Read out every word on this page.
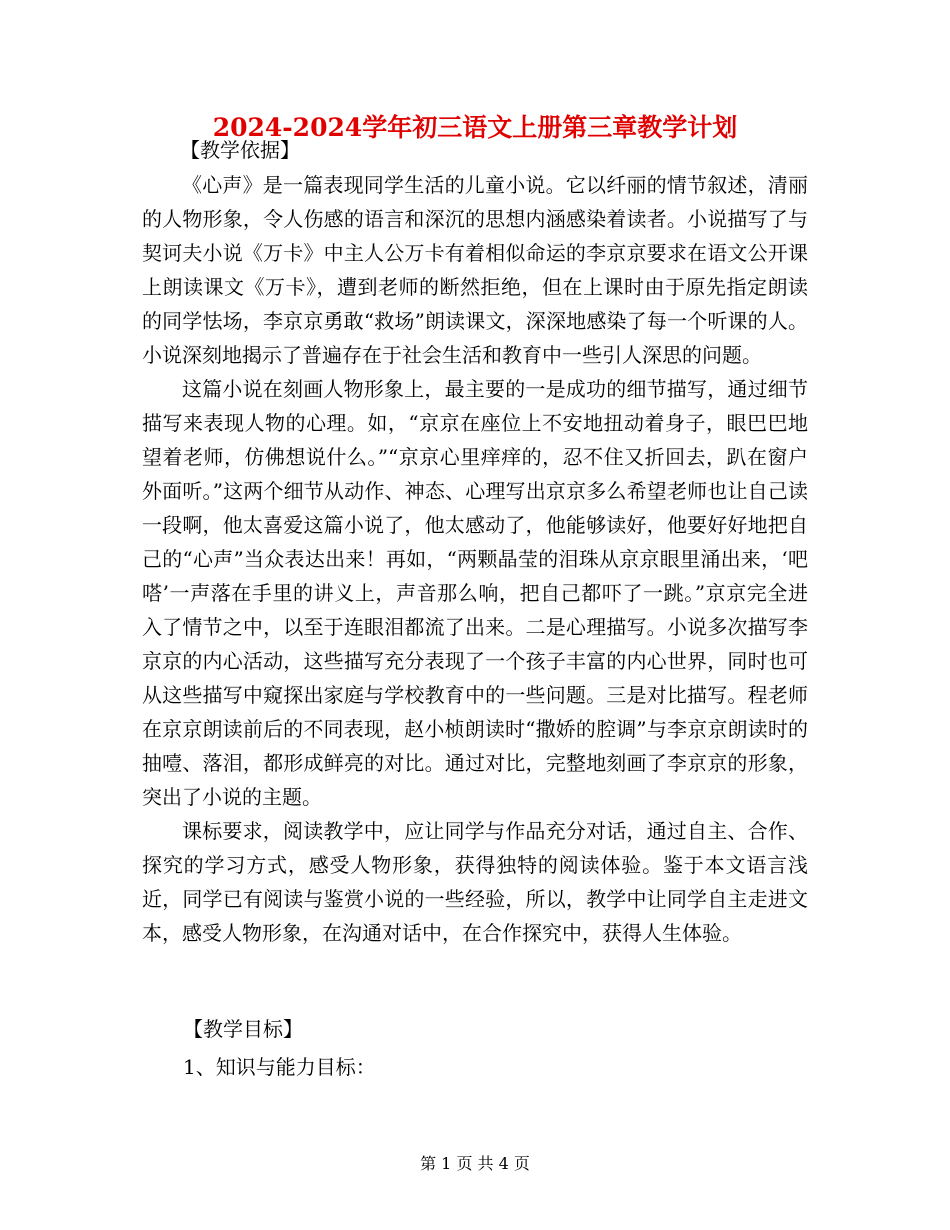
2024-2024学年初三语文上册第三章教学计划
【教学依据】

《心声》是一篇表现同学生活的儿童小说。它以纤丽的情节叙述，清丽的人物形象，令人伤感的语言和深沉的思想内涵感染着读者。小说描写了与契诃夫小说《万卡》中主人公万卡有着相似命运的李京京要求在语文公开课上朗读课文《万卡》，遭到老师的断然拒绝，但在上课时由于原先指定朗读的同学怯场，李京京勇敢“救场”朗读课文，深深地感染了每一个听课的人。小说深刻地揭示了普遍存在于社会生活和教育中一些引人深思的问题。

这篇小说在刻画人物形象上，最主要的一是成功的细节描写，通过细节描写来表现人物的心理。如，“京京在座位上不安地扭动着身子，眼巴巴地望着老师，仿佛想说什么。”“京京心里痒痒的，忍不住又折回去，趴在窗户外面听。”这两个细节从动作、神态、心理写出京京多么希望老师也让自己读一段啊，他太喜爱这篇小说了，他太感动了，他能够读好，他要好好地把自己的“心声”当众表达出来！再如，“两颗晶莹的泪珠从京京眼里涌出来，‘吧嗒’一声落在手里的讲义上，声音那么响，把自己都吓了一跳。”京京完全进入了情节之中，以至于连眼泪都流了出来。二是心理描写。小说多次描写李京京的内心活动，这些描写充分表现了一个孩子丰富的内心世界，同时也可从这些描写中窥探出家庭与学校教育中的一些问题。三是对比描写。程老师在京京朗读前后的不同表现，赵小桢朗读时“撒娇的腔调”与李京京朗读时的抽噎、落泪，都形成鲜亮的对比。通过对比，完整地刻画了李京京的形象，突出了小说的主题。

课标要求，阅读教学中，应让同学与作品充分对话，通过自主、合作、探究的学习方式，感受人物形象，获得独特的阅读体验。鉴于本文语言浅近，同学已有阅读与鉴赏小说的一些经验，所以，教学中让同学自主走进文本，感受人物形象，在沟通对话中，在合作探究中，获得人生体验。

【教学目标】
1、知识与能力目标：
第 1 页 共 4 页
